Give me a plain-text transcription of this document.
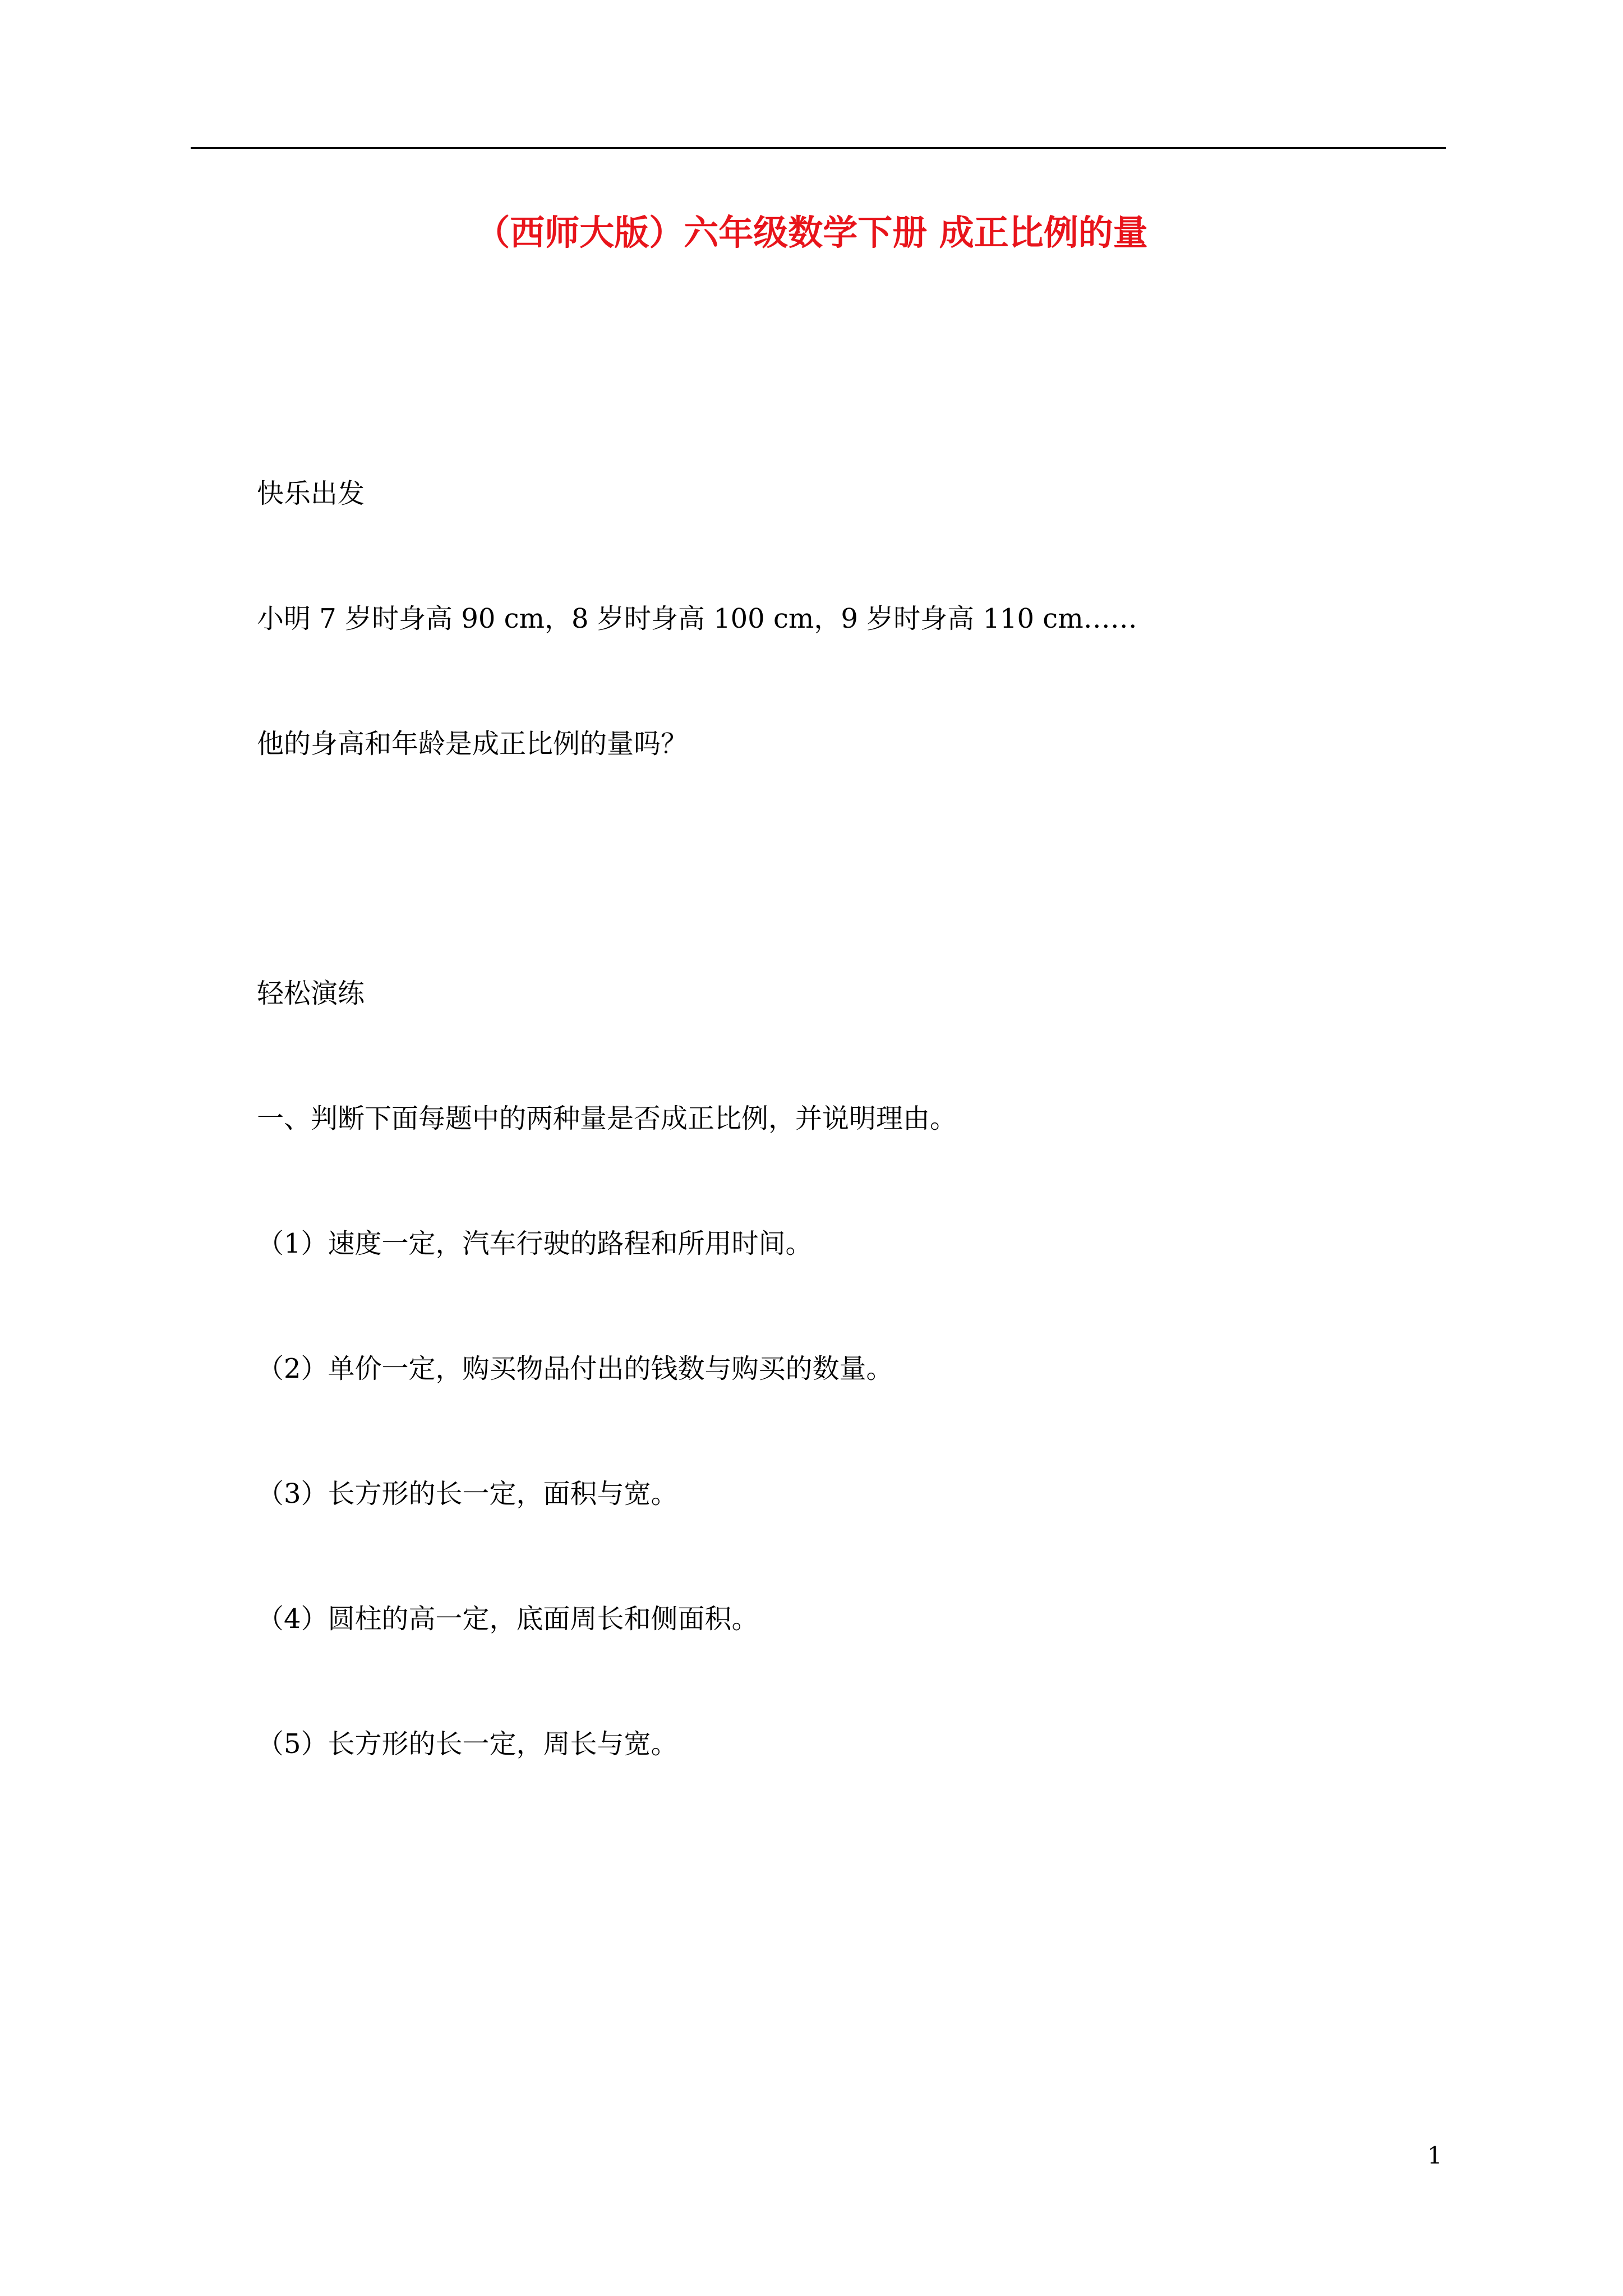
（西师大版）六年级数学下册 成正比例的量
快乐出发
小明 7 岁时身高 90 cm，8 岁时身高 100 cm，9 岁时身高 110 cm……
他的身高和年龄是成正比例的量吗？
轻松演练
一、判断下面每题中的两种量是否成正比例，并说明理由。
（1）速度一定，汽车行驶的路程和所用时间。
（2）单价一定，购买物品付出的钱数与购买的数量。
（3）长方形的长一定，面积与宽。
（4）圆柱的高一定，底面周长和侧面积。
（5）长方形的长一定，周长与宽。
1
